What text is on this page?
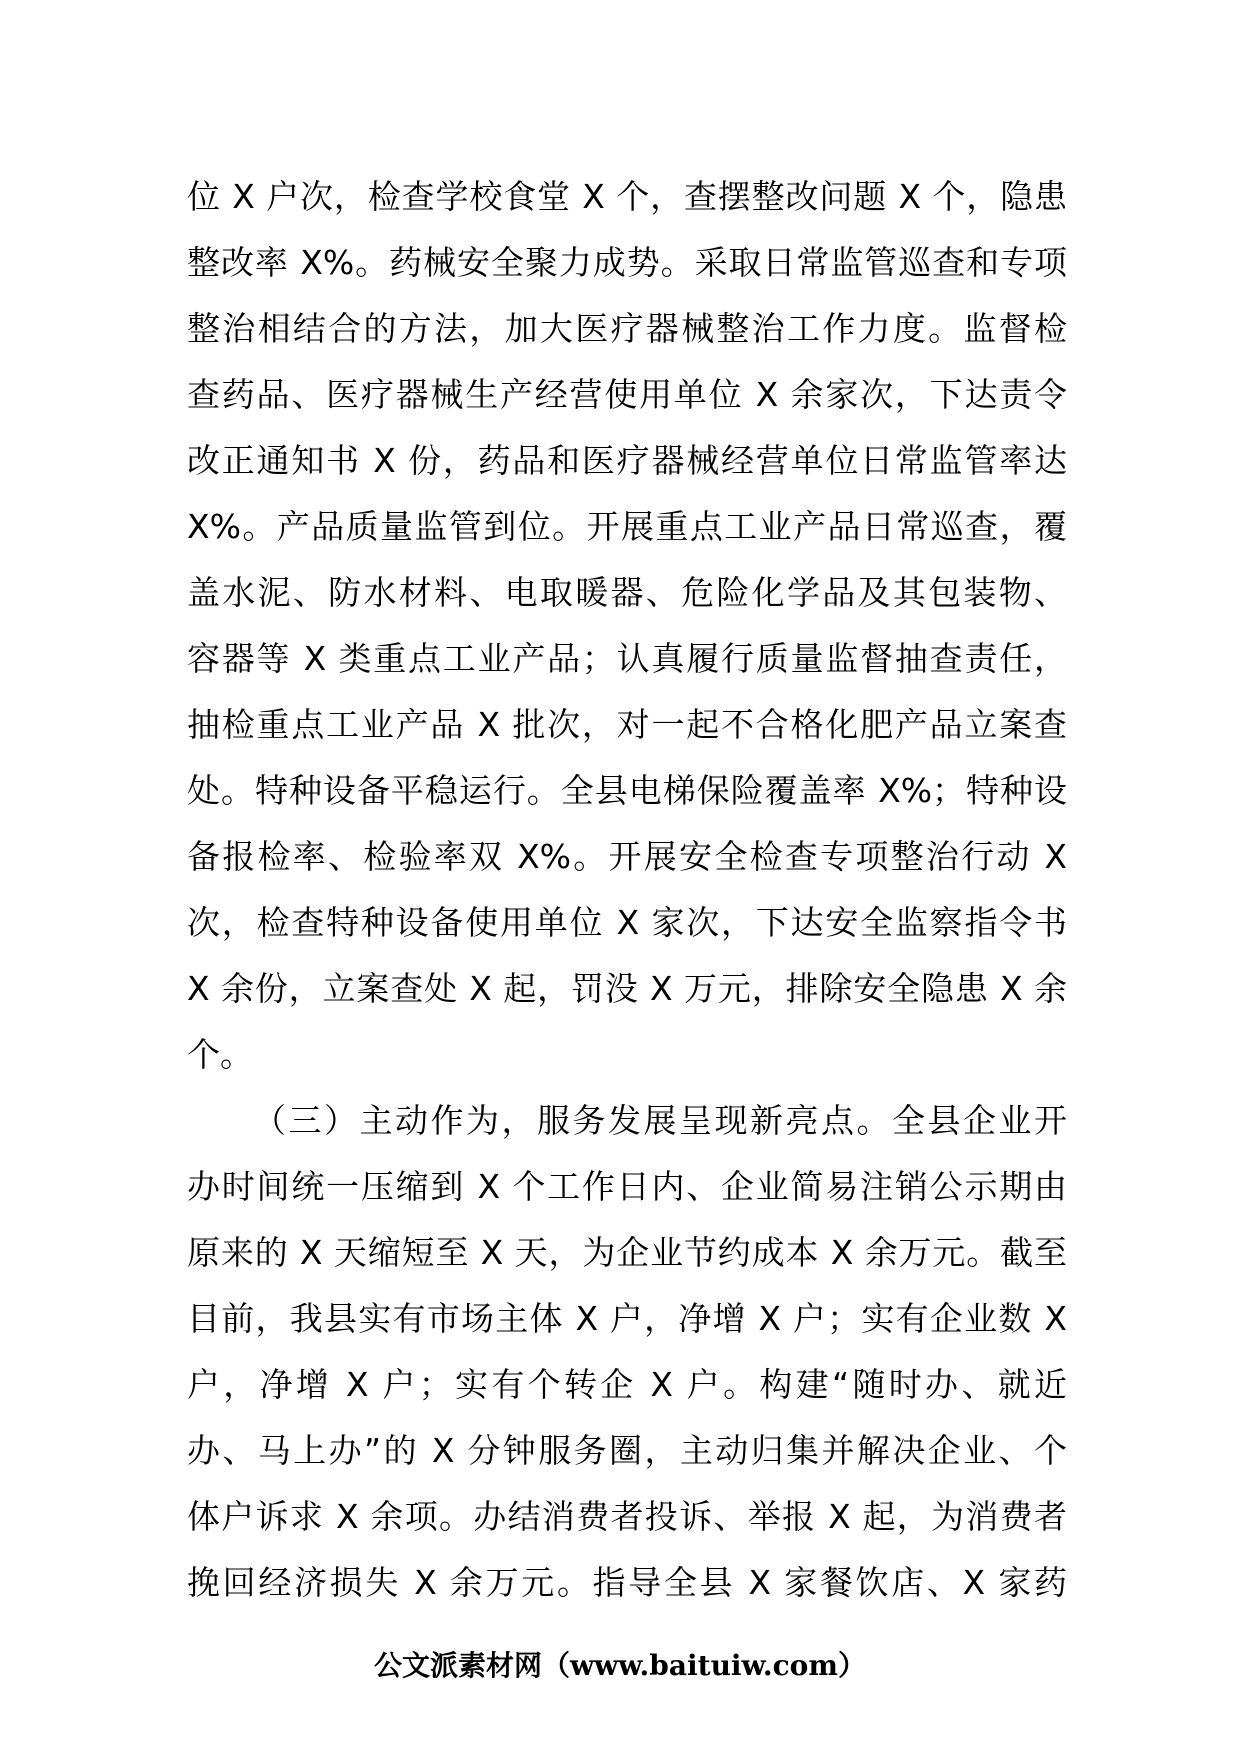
位 X 户次，检查学校食堂 X 个，查摆整改问题 X 个，隐患
整改率 X%。药械安全聚力成势。采取日常监管巡查和专项
整治相结合的方法，加大医疗器械整治工作力度。监督检
查药品、医疗器械生产经营使用单位 X 余家次，下达责令
改正通知书 X 份，药品和医疗器械经营单位日常监管率达
X%。产品质量监管到位。开展重点工业产品日常巡查，覆
盖水泥、防水材料、电取暖器、危险化学品及其包装物、
容器等 X 类重点工业产品；认真履行质量监督抽查责任，
抽检重点工业产品 X 批次，对一起不合格化肥产品立案查
处。特种设备平稳运行。全县电梯保险覆盖率 X%；特种设
备报检率、检验率双 X%。开展安全检查专项整治行动 X
次，检查特种设备使用单位 X 家次，下达安全监察指令书
X 余份，立案查处 X 起，罚没 X 万元，排除安全隐患 X 余
个。
（三）主动作为，服务发展呈现新亮点。全县企业开
办时间统一压缩到 X 个工作日内、企业简易注销公示期由
原来的 X 天缩短至 X 天，为企业节约成本 X 余万元。截至
目前，我县实有市场主体 X 户，净增 X 户；实有企业数 X
户，净增 X 户；实有个转企 X 户。构建“随时办、就近
办、马上办”的 X 分钟服务圈，主动归集并解决企业、个
体户诉求 X 余项。办结消费者投诉、举报 X 起，为消费者
挽回经济损失 X 余万元。指导全县 X 家餐饮店、X 家药
公文派素材网（www.baituiw.com）
